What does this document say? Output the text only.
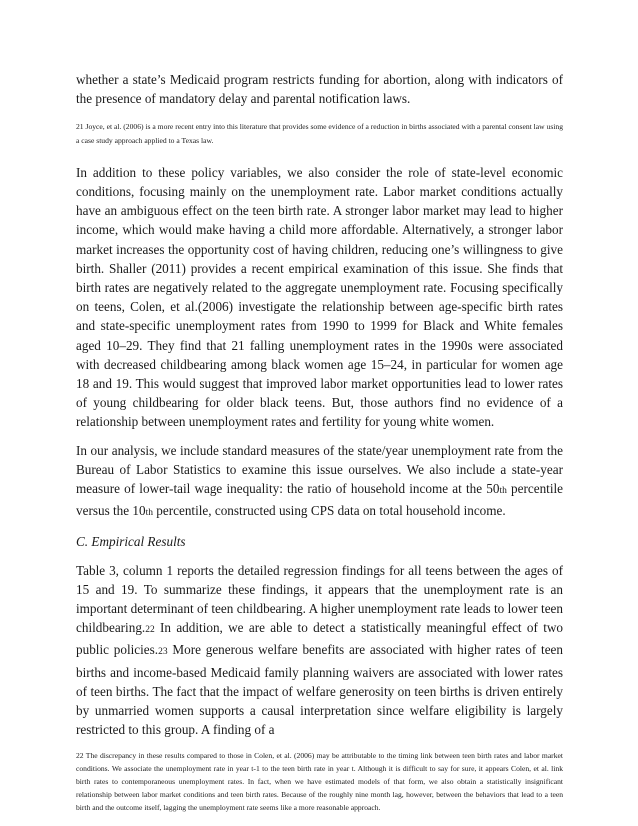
whether a state’s Medicaid program restricts funding for abortion, along with indicators of the presence of mandatory delay and parental notification laws.

21 Joyce, et al. (2006) is a more recent entry into this literature that provides some evidence of a reduction in births associated with a parental consent law using a case study approach applied to a Texas law.

In addition to these policy variables, we also consider the role of state-level economic conditions, focusing mainly on the unemployment rate. Labor market conditions actually have an ambiguous effect on the teen birth rate. A stronger labor market may lead to higher income, which would make having a child more affordable. Alternatively, a stronger labor market increases the opportunity cost of having children, reducing one’s willingness to give birth. Shaller (2011) provides a recent empirical examination of this issue. She finds that birth rates are negatively related to the aggregate unemployment rate. Focusing specifically on teens, Colen, et al.(2006) investigate the relationship between age-specific birth rates and state-specific unemployment rates from 1990 to 1999 for Black and White females aged 10–29. They find that 21 falling unemployment rates in the 1990s were associated with decreased childbearing among black women age 15–24, in particular for women age 18 and 19. This would suggest that improved labor market opportunities lead to lower rates of young childbearing for older black teens. But, those authors find no evidence of a relationship between unemployment rates and fertility for young white women.

In our analysis, we include standard measures of the state/year unemployment rate from the Bureau of Labor Statistics to examine this issue ourselves. We also include a state-year measure of lower-tail wage inequality: the ratio of household income at the 50th percentile versus the 10th percentile, constructed using CPS data on total household income.

C. Empirical Results

Table 3, column 1 reports the detailed regression findings for all teens between the ages of 15 and 19. To summarize these findings, it appears that the unemployment rate is an important determinant of teen childbearing. A higher unemployment rate leads to lower teen childbearing.22 In addition, we are able to detect a statistically meaningful effect of two public policies.23 More generous welfare benefits are associated with higher rates of teen births and income-based Medicaid family planning waivers are associated with lower rates of teen births. The fact that the impact of welfare generosity on teen births is driven entirely by unmarried women supports a causal interpretation since welfare eligibility is largely restricted to this group. A finding of a

22 The discrepancy in these results compared to those in Colen, et al. (2006) may be attributable to the timing link between teen birth rates and labor market conditions. We associate the unemployment rate in year t-1 to the teen birth rate in year t. Although it is difficult to say for sure, it appears Colen, et al. link birth rates to contemporaneous unemployment rates. In fact, when we have estimated models of that form, we also obtain a statistically insignificant relationship between labor market conditions and teen birth rates. Because of the roughly nine month lag, however, between the behaviors that lead to a teen birth and the outcome itself, lagging the unemployment rate seems like a more reasonable approach.
